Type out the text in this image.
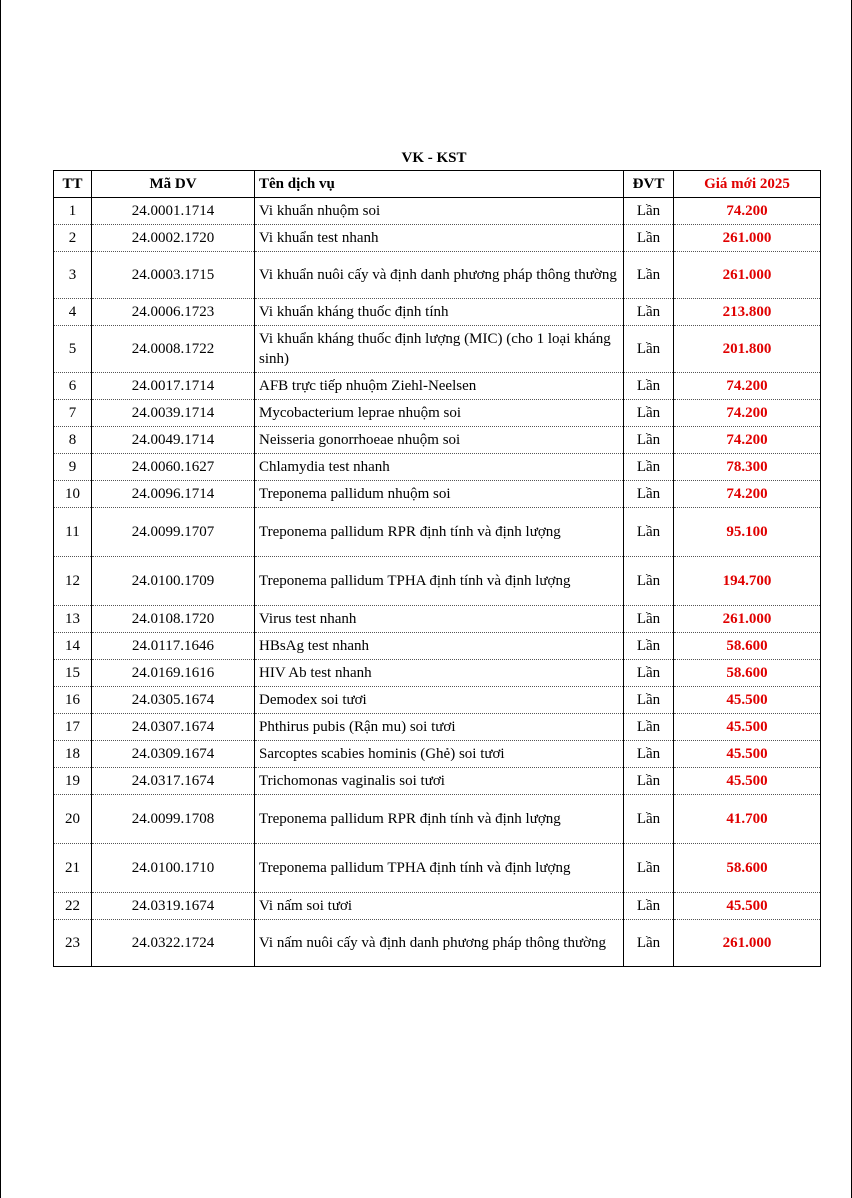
VK - KST
TT	Mã DV	Tên dịch vụ	ĐVT	Giá mới 2025
1	24.0001.1714	Vi khuẩn nhuộm soi	Lần	74.200
2	24.0002.1720	Vi khuẩn test nhanh	Lần	261.000
3	24.0003.1715	Vi khuẩn nuôi cấy và định danh phương pháp thông thường	Lần	261.000
4	24.0006.1723	Vi khuẩn kháng thuốc định tính	Lần	213.800
5	24.0008.1722	Vi khuẩn kháng thuốc định lượng (MIC) (cho 1 loại kháng sinh)	Lần	201.800
6	24.0017.1714	AFB trực tiếp nhuộm Ziehl-Neelsen	Lần	74.200
7	24.0039.1714	Mycobacterium leprae nhuộm soi	Lần	74.200
8	24.0049.1714	Neisseria gonorrhoeae nhuộm soi	Lần	74.200
9	24.0060.1627	Chlamydia test nhanh	Lần	78.300
10	24.0096.1714	Treponema pallidum nhuộm soi	Lần	74.200
11	24.0099.1707	Treponema pallidum RPR định tính và định lượng	Lần	95.100
12	24.0100.1709	Treponema pallidum TPHA định tính và định lượng	Lần	194.700
13	24.0108.1720	Virus test nhanh	Lần	261.000
14	24.0117.1646	HBsAg test nhanh	Lần	58.600
15	24.0169.1616	HIV Ab test nhanh	Lần	58.600
16	24.0305.1674	Demodex soi tươi	Lần	45.500
17	24.0307.1674	Phthirus pubis (Rận mu) soi tươi	Lần	45.500
18	24.0309.1674	Sarcoptes scabies hominis (Ghẻ) soi tươi	Lần	45.500
19	24.0317.1674	Trichomonas vaginalis soi tươi	Lần	45.500
20	24.0099.1708	Treponema pallidum RPR định tính và định lượng	Lần	41.700
21	24.0100.1710	Treponema pallidum TPHA định tính và định lượng	Lần	58.600
22	24.0319.1674	Vi nấm soi tươi	Lần	45.500
23	24.0322.1724	Vi nấm nuôi cấy và định danh phương pháp thông thường	Lần	261.000
